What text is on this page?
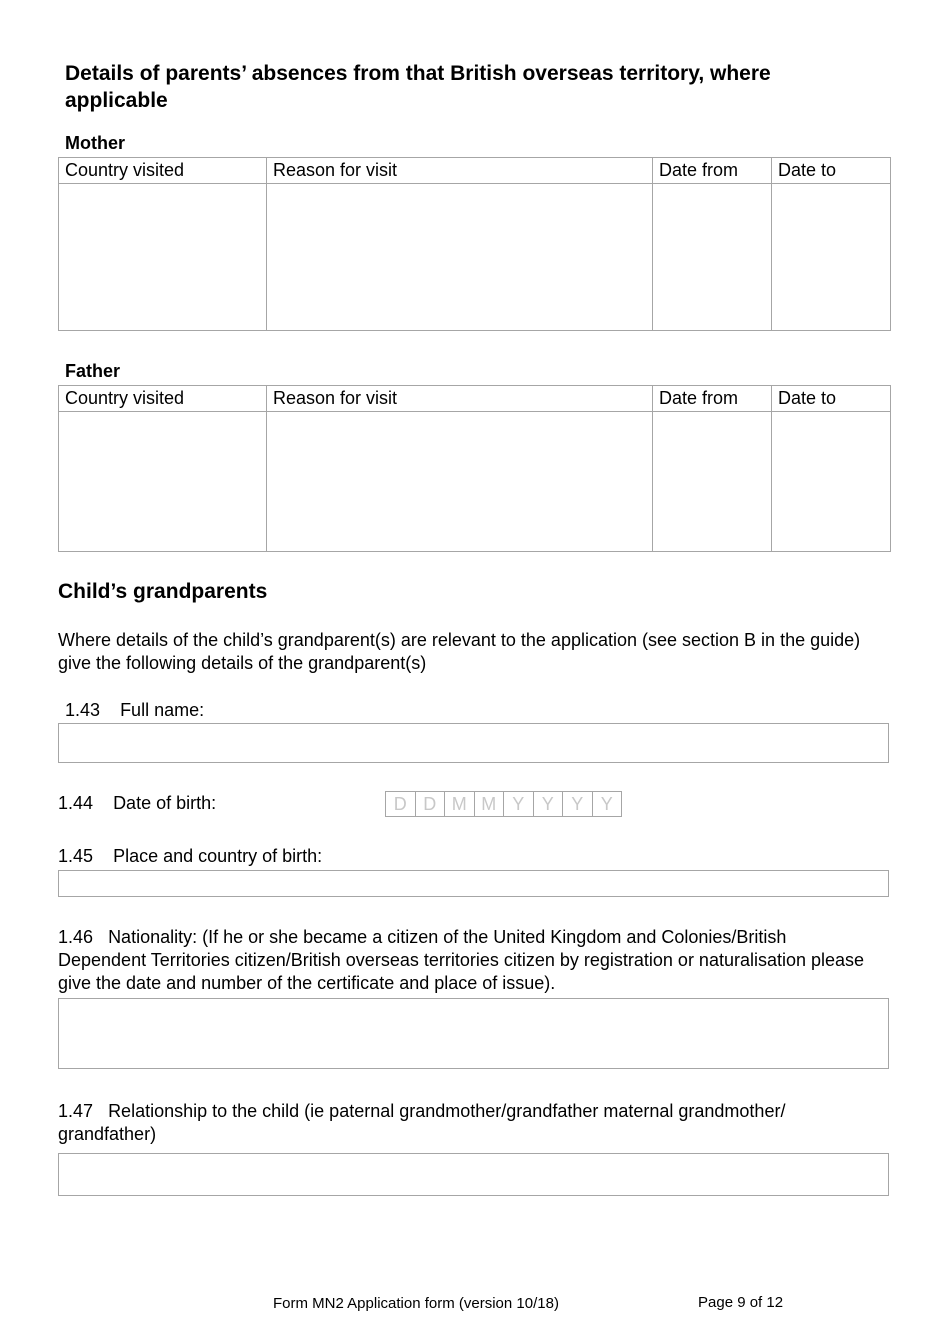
Details of parents’ absences from that British overseas territory, where applicable
Mother
Country visited	Reason for visit	Date from	Date to

Father
Country visited	Reason for visit	Date from	Date to

Child’s grandparents
Where details of the child’s grandparent(s) are relevant to the application (see section B in the guide) give the following details of the grandparent(s)
1.43 Full name:
1.44 Date of birth:	D D M M Y Y Y Y
1.45 Place and country of birth:
1.46 Nationality: (If he or she became a citizen of the United Kingdom and Colonies/British Dependent Territories citizen/British overseas territories citizen by registration or naturalisation please give the date and number of the certificate and place of issue).
1.47 Relationship to the child (ie paternal grandmother/grandfather maternal grandmother/ grandfather)
Form MN2 Application form (version 10/18)	Page 9 of 12
